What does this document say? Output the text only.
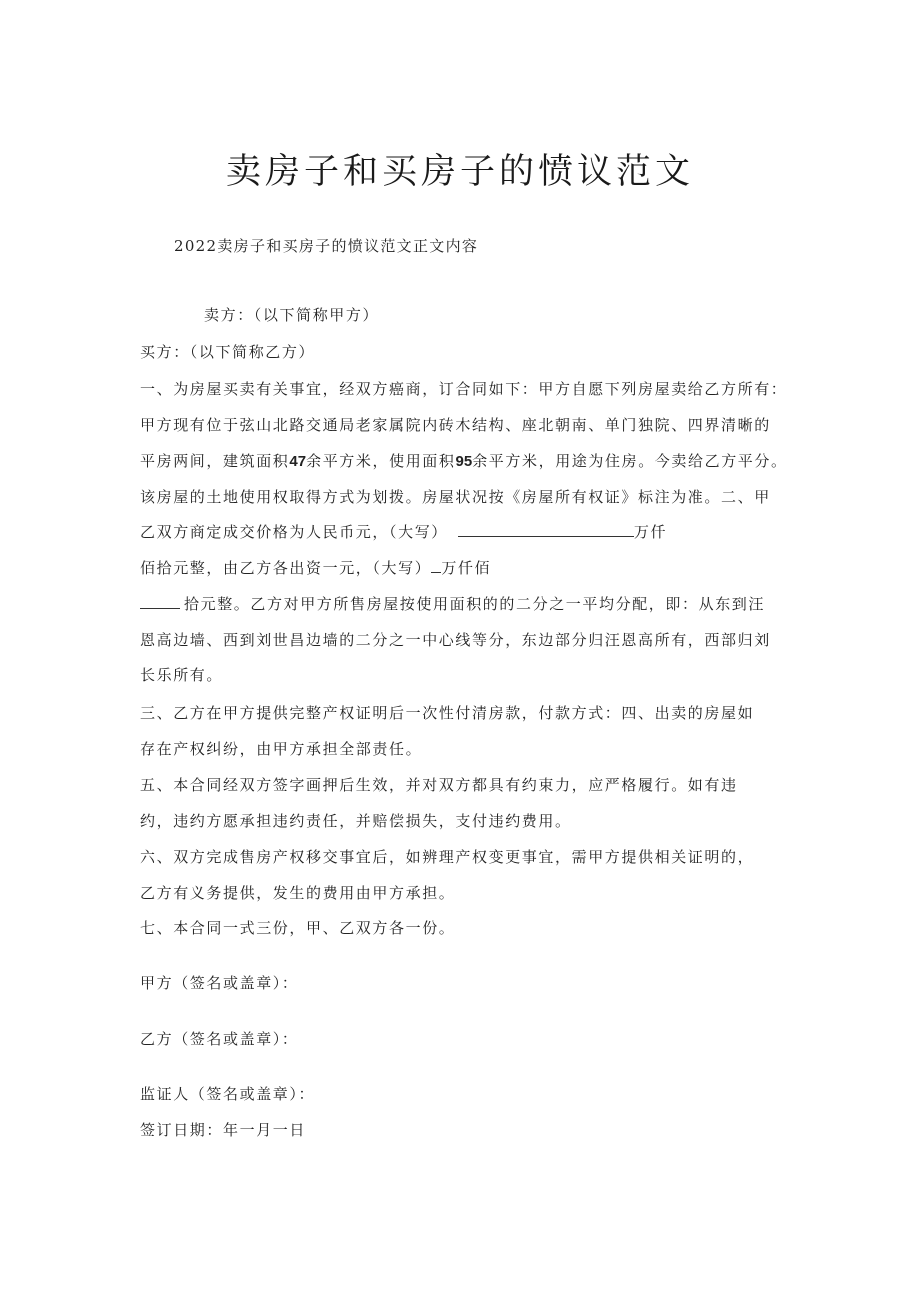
卖房子和买房子的愤议范文
2022卖房子和买房子的愤议范文正文内容
卖方：（以下简称甲方）
买方：（以下简称乙方）
一、为房屋买卖有关事宜，经双方癌商，订合同如下：甲方自愿下列房屋卖给乙方所有：
甲方现有位于弦山北路交通局老家属院内砖木结构、座北朝南、单门独院、四界清晰的
平房两间，建筑面积47余平方米，使用面积95余平方米，用途为住房。今卖给乙方平分。
该房屋的土地使用权取得方式为划拨。房屋状况按《房屋所有权证》标注为准。二、甲
乙双方商定成交价格为人民币元，（大写）	万仟
佰拾元整，由乙方各出资一元，（大写） 万仟佰
拾元整。乙方对甲方所售房屋按使用面积的的二分之一平均分配，即：从东到汪
恩高边墙、西到刘世昌边墙的二分之一中心线等分，东边部分归汪恩高所有，西部归刘
长乐所有。
三、乙方在甲方提供完整产权证明后一次性付清房款，付款方式：四、出卖的房屋如
存在产权纠纷，由甲方承担全部责任。
五、本合同经双方签字画押后生效，并对双方都具有约束力，应严格履行。如有违
约，违约方愿承担违约责任，并赔偿损失，支付违约费用。
六、双方完成售房产权移交事宜后，如辨理产权变更事宜，需甲方提供相关证明的，
乙方有义务提供，发生的费用由甲方承担。
七、本合同一式三份，甲、乙双方各一份。
甲方（签名或盖章）：
乙方（签名或盖章）：
监证人（签名或盖章）：
签订日期：年一月一日
